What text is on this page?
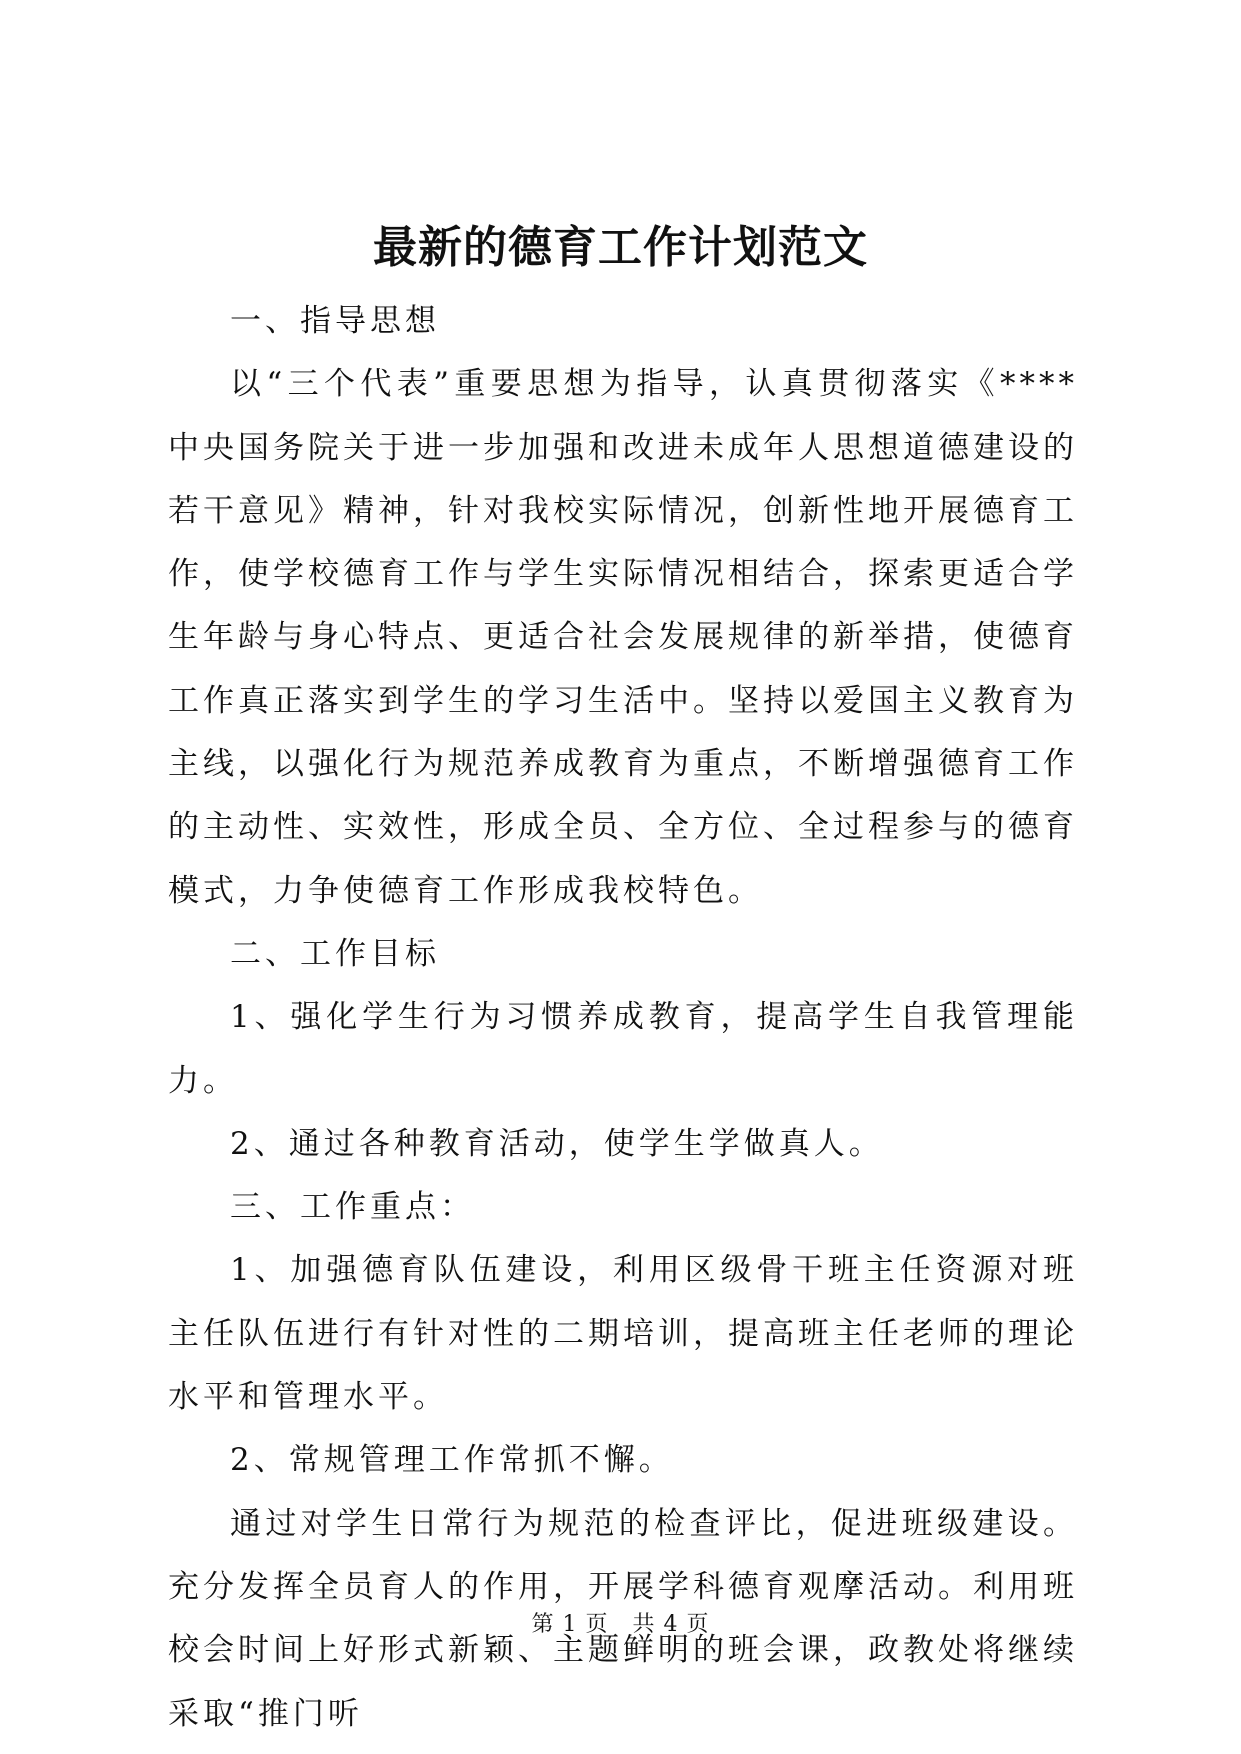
最新的德育工作计划范文

一、指导思想

以“三个代表”重要思想为指导，认真贯彻落实《****中央国务院关于进一步加强和改进未成年人思想道德建设的若干意见》精神，针对我校实际情况，创新性地开展德育工作，使学校德育工作与学生实际情况相结合，探索更适合学生年龄与身心特点、更适合社会发展规律的新举措，使德育工作真正落实到学生的学习生活中。坚持以爱国主义教育为主线，以强化行为规范养成教育为重点，不断增强德育工作的主动性、实效性，形成全员、全方位、全过程参与的德育模式，力争使德育工作形成我校特色。

二、工作目标

1、强化学生行为习惯养成教育，提高学生自我管理能力。

2、通过各种教育活动，使学生学做真人。

三、工作重点：

1、加强德育队伍建设，利用区级骨干班主任资源对班主任队伍进行有针对性的二期培训，提高班主任老师的理论水平和管理水平。

2、常规管理工作常抓不懈。

通过对学生日常行为规范的检查评比，促进班级建设。充分发挥全员育人的作用，开展学科德育观摩活动。利用班校会时间上好形式新颖、主题鲜明的班会课，政教处将继续采取“推门听

第 1 页 共 4 页
